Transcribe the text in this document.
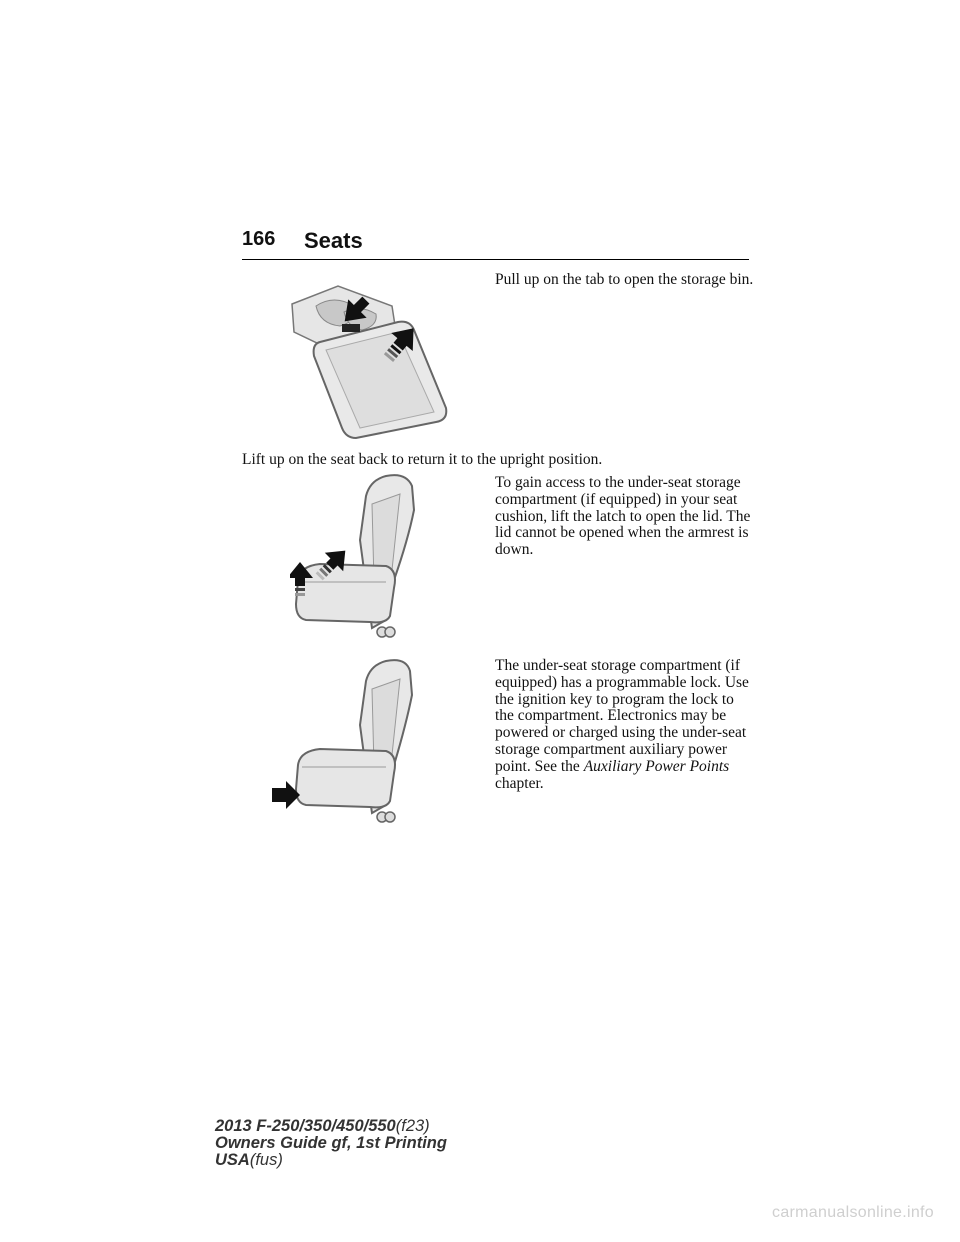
166 Seats

Pull up on the tab to open the storage bin.

Lift up on the seat back to return it to the upright position.

To gain access to the under-seat storage compartment (if equipped) in your seat cushion, lift the latch to open the lid. The lid cannot be opened when the armrest is down.

The under-seat storage compartment (if equipped) has a programmable lock. Use the ignition key to program the lock to the compartment. Electronics may be powered or charged using the under-seat storage compartment auxiliary power point. See the Auxiliary Power Points chapter.

2013 F-250/350/450/550(f23)
Owners Guide gf, 1st Printing
USA(fus)
carmanualsonline.info
